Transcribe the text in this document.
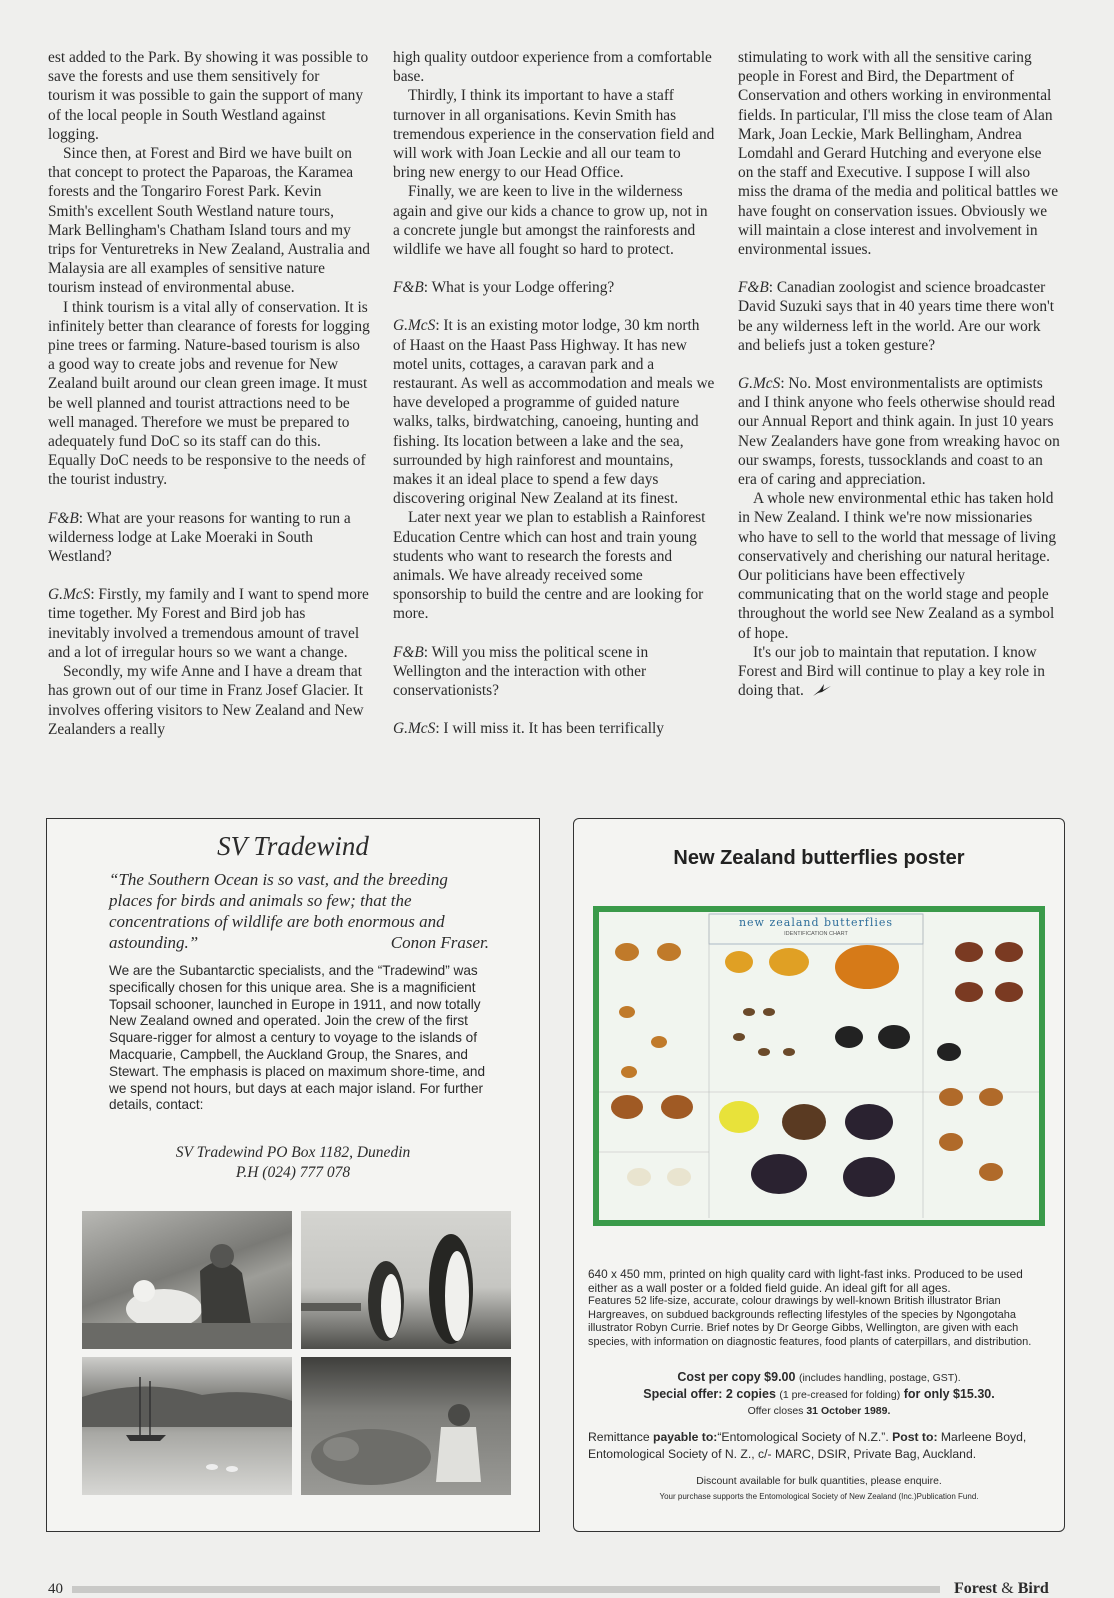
est added to the Park. By showing it was possible to save the forests and use them sensitively for tourism it was possible to gain the support of many of the local people in South Westland against logging.

Since then, at Forest and Bird we have built on that concept to protect the Paparoas, the Karamea forests and the Tongariro Forest Park. Kevin Smith's excellent South Westland nature tours, Mark Bellingham's Chatham Island tours and my trips for Venturetreks in New Zealand, Australia and Malaysia are all examples of sensitive nature tourism instead of environmental abuse.

I think tourism is a vital ally of conservation. It is infinitely better than clearance of forests for logging pine trees or farming. Nature-based tourism is also a good way to create jobs and revenue for New Zealand built around our clean green image. It must be well planned and tourist attractions need to be well managed. Therefore we must be prepared to adequately fund DoC so its staff can do this. Equally DoC needs to be responsive to the needs of the tourist industry.

F&B: What are your reasons for wanting to run a wilderness lodge at Lake Moeraki in South Westland?

G.McS: Firstly, my family and I want to spend more time together. My Forest and Bird job has inevitably involved a tremendous amount of travel and a lot of irregular hours so we want a change.

Secondly, my wife Anne and I have a dream that has grown out of our time in Franz Josef Glacier. It involves offering visitors to New Zealand and New Zealanders a really

high quality outdoor experience from a comfortable base.

Thirdly, I think its important to have a staff turnover in all organisations. Kevin Smith has tremendous experience in the conservation field and will work with Joan Leckie and all our team to bring new energy to our Head Office.

Finally, we are keen to live in the wilderness again and give our kids a chance to grow up, not in a concrete jungle but amongst the rainforests and wildlife we have all fought so hard to protect.

F&B: What is your Lodge offering?

G.McS: It is an existing motor lodge, 30 km north of Haast on the Haast Pass Highway. It has new motel units, cottages, a caravan park and a restaurant. As well as accommodation and meals we have developed a programme of guided nature walks, talks, birdwatching, canoeing, hunting and fishing. Its location between a lake and the sea, surrounded by high rainforest and mountains, makes it an ideal place to spend a few days discovering original New Zealand at its finest.

Later next year we plan to establish a Rainforest Education Centre which can host and train young students who want to research the forests and animals. We have already received some sponsorship to build the centre and are looking for more.

F&B: Will you miss the political scene in Wellington and the interaction with other conservationists?

G.McS: I will miss it. It has been terrifically

stimulating to work with all the sensitive caring people in Forest and Bird, the Department of Conservation and others working in environmental fields. In particular, I'll miss the close team of Alan Mark, Joan Leckie, Mark Bellingham, Andrea Lomdahl and Gerard Hutching and everyone else on the staff and Executive. I suppose I will also miss the drama of the media and political battles we have fought on conservation issues. Obviously we will maintain a close interest and involvement in environmental issues.

F&B: Canadian zoologist and science broadcaster David Suzuki says that in 40 years time there won't be any wilderness left in the world. Are our work and beliefs just a token gesture?

G.McS: No. Most environmentalists are optimists and I think anyone who feels otherwise should read our Annual Report and think again. In just 10 years New Zealanders have gone from wreaking havoc on our swamps, forests, tussocklands and coast to an era of caring and appreciation.

A whole new environmental ethic has taken hold in New Zealand. I think we're now missionaries who have to sell to the world that message of living conservatively and cherishing our natural heritage. Our politicians have been effectively communicating that on the world stage and people throughout the world see New Zealand as a symbol of hope.

It's our job to maintain that reputation. I know Forest and Bird will continue to play a key role in doing that.

SV Tradewind
“The Southern Ocean is so vast, and the breeding places for birds and animals so few; that the concentrations of wildlife are both enormous and astounding.”	Conon Fraser.
We are the Subantarctic specialists, and the “Tradewind” was specifically chosen for this unique area. She is a magnificient Topsail schooner, launched in Europe in 1911, and now totally New Zealand owned and operated. Join the crew of the first Square-rigger for almost a century to voyage to the islands of Macquarie, Campbell, the Auckland Group, the Snares, and Stewart. The emphasis is placed on maximum shore-time, and we spend not hours, but days at each major island. For further details, contact:
SV Tradewind PO Box 1182, Dunedin
P.H (024) 777 078
New Zealand butterflies poster
new zealand butterflies
IDENTIFICATION CHART
640 x 450 mm, printed on high quality card with light-fast inks. Produced to be used either as a wall poster or a folded field guide. An ideal gift for all ages.
Features 52 life-size, accurate, colour drawings by well-known British illustrator Brian Hargreaves, on subdued backgrounds reflecting lifestyles of the species by Ngongotaha illustrator Robyn Currie. Brief notes by Dr George Gibbs, Wellington, are given with each species, with information on diagnostic features, food plants of caterpillars, and distribution.
Cost per copy $9.00 (includes handling, postage, GST).
Special offer: 2 copies (1 pre-creased for folding) for only $15.30.
Offer closes 31 October 1989.
Remittance payable to:“Entomological Society of N.Z.”. Post to: Marleene Boyd, Entomological Society of N. Z., c/- MARC, DSIR, Private Bag, Auckland.
Discount available for bulk quantities, please enquire.
Your purchase supports the Entomological Society of New Zealand (Inc.)Publication Fund.
40	Forest & Bird
